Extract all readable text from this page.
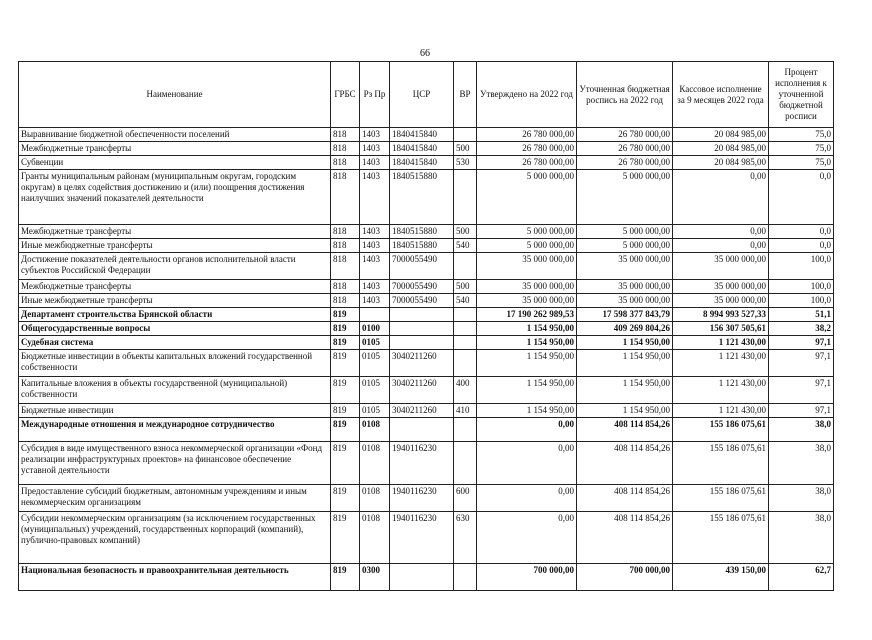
66
Наименование	ГРБС	Рз Пр	ЦСР	ВР	Утверждено на 2022 год	Уточненная бюджетная роспись на 2022 год	Кассовое исполнение за 9 месяцев 2022 года	Процент исполнения к уточненной бюджетной росписи
Выравнивание бюджетной обеспеченности поселений	818	1403	1840415840		26 780 000,00	26 780 000,00	20 084 985,00	75,0
Межбюджетные трансферты	818	1403	1840415840	500	26 780 000,00	26 780 000,00	20 084 985,00	75,0
Субвенции	818	1403	1840415840	530	26 780 000,00	26 780 000,00	20 084 985,00	75,0
Гранты муниципальным районам (муниципальным округам, городским округам) в целях содействия достижению и (или) поощрения достижения наилучших значений показателей деятельности	818	1403	1840515880		5 000 000,00	5 000 000,00	0,00	0,0
Межбюджетные трансферты	818	1403	1840515880	500	5 000 000,00	5 000 000,00	0,00	0,0
Иные межбюджетные трансферты	818	1403	1840515880	540	5 000 000,00	5 000 000,00	0,00	0,0
Достижение показателей деятельности органов исполнительной власти субъектов Российской Федерации	818	1403	7000055490		35 000 000,00	35 000 000,00	35 000 000,00	100,0
Межбюджетные трансферты	818	1403	7000055490	500	35 000 000,00	35 000 000,00	35 000 000,00	100,0
Иные межбюджетные трансферты	818	1403	7000055490	540	35 000 000,00	35 000 000,00	35 000 000,00	100,0
Департамент строительства Брянской области	819				17 190 262 989,53	17 598 377 843,79	8 994 993 527,33	51,1
Общегосударственные вопросы	819	0100			1 154 950,00	409 269 804,26	156 307 505,61	38,2
Судебная система	819	0105			1 154 950,00	1 154 950,00	1 121 430,00	97,1
Бюджетные инвестиции в объекты капитальных вложений государственной собственности	819	0105	3040211260		1 154 950,00	1 154 950,00	1 121 430,00	97,1
Капитальные вложения в объекты государственной (муниципальной) собственности	819	0105	3040211260	400	1 154 950,00	1 154 950,00	1 121 430,00	97,1
Бюджетные инвестиции	819	0105	3040211260	410	1 154 950,00	1 154 950,00	1 121 430,00	97,1
Международные отношения и международное сотрудничество	819	0108			0,00	408 114 854,26	155 186 075,61	38,0
Субсидия в виде имущественного взноса некоммерческой организации «Фонд реализации инфраструктурных проектов» на финансовое обеспечение уставной деятельности	819	0108	1940116230		0,00	408 114 854,26	155 186 075,61	38,0
Предоставление субсидий бюджетным, автономным учреждениям и иным некоммерческим организациям	819	0108	1940116230	600	0,00	408 114 854,26	155 186 075,61	38,0
Субсидии некоммерческим организациям (за исключением государственных (муниципальных) учреждений, государственных корпораций (компаний), публично-правовых компаний)	819	0108	1940116230	630	0,00	408 114 854,26	155 186 075,61	38,0
Национальная безопасность и правоохранительная деятельность	819	0300			700 000,00	700 000,00	439 150,00	62,7
